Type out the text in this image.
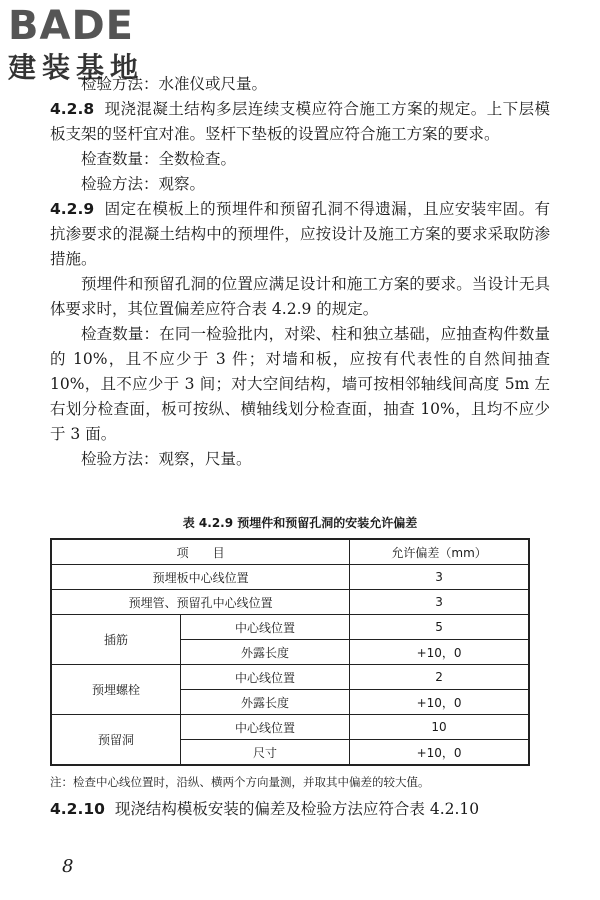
BADE
建装基地

检验方法：水准仪或尺量。

4.2.8 现浇混凝土结构多层连续支模应符合施工方案的规定。上下层模板支架的竖杆宜对准。竖杆下垫板的设置应符合施工方案的要求。

检查数量：全数检查。

检验方法：观察。

4.2.9 固定在模板上的预埋件和预留孔洞不得遗漏，且应安装牢固。有抗渗要求的混凝土结构中的预埋件，应按设计及施工方案的要求采取防渗措施。

预埋件和预留孔洞的位置应满足设计和施工方案的要求。当设计无具体要求时，其位置偏差应符合表 4.2.9 的规定。

检查数量：在同一检验批内，对梁、柱和独立基础，应抽查构件数量的 10%，且不应少于 3 件；对墙和板，应按有代表性的自然间抽查 10%，且不应少于 3 间；对大空间结构，墙可按相邻轴线间高度 5m 左右划分检查面，板可按纵、横轴线划分检查面，抽查 10%，且均不应少于 3 面。

检验方法：观察，尺量。

表 4.2.9 预埋件和预留孔洞的安装允许偏差
项　　目		允许偏差（mm）
预埋板中心线位置		3
预埋管、预留孔中心线位置		3
插筋	中心线位置	5
	外露长度	+10，0
预埋螺栓	中心线位置	2
	外露长度	+10，0
预留洞	中心线位置	10
	尺寸	+10，0
注：检查中心线位置时，沿纵、横两个方向量测，并取其中偏差的较大值。
4.2.10 现浇结构模板安装的偏差及检验方法应符合表 4.2.10
8
